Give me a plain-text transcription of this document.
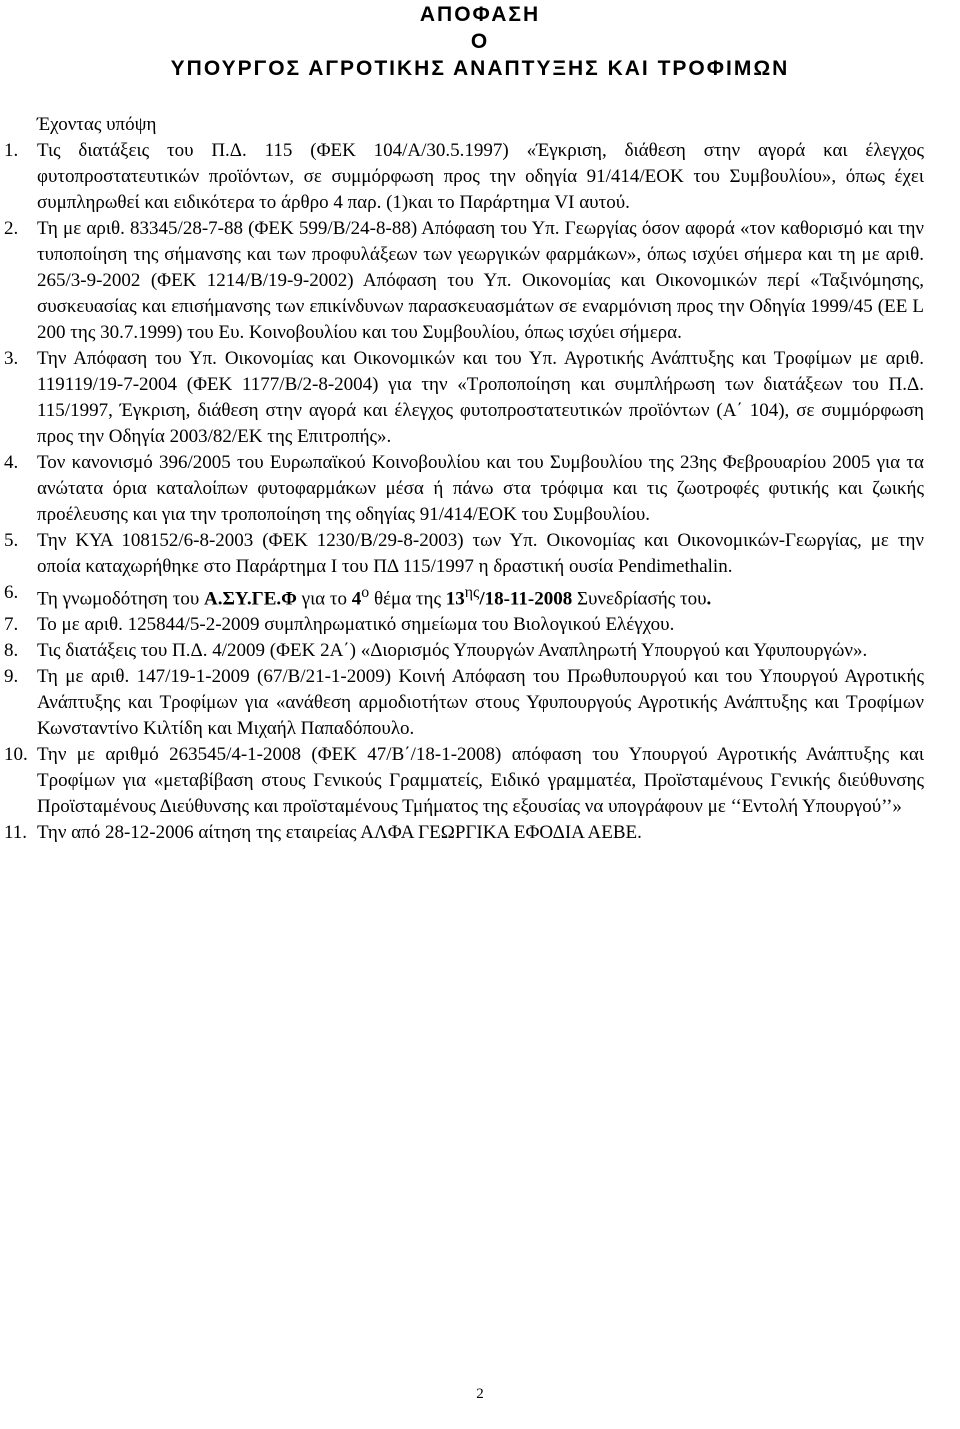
ΑΠΟΦΑΣΗ
Ο
ΥΠΟΥΡΓΟΣ ΑΓΡΟΤΙΚΗΣ ΑΝΑΠΤΥΞΗΣ ΚΑΙ ΤΡΟΦΙΜΩΝ
Έχοντας υπόψη
1. Τις διατάξεις του Π.Δ. 115 (ΦΕΚ 104/Α/30.5.1997) «Έγκριση, διάθεση στην αγορά και έλεγχος φυτοπροστατευτικών προϊόντων, σε συμμόρφωση προς την οδηγία 91/414/ΕΟΚ του Συμβουλίου», όπως έχει συμπληρωθεί και ειδικότερα το άρθρο 4 παρ. (1)και το Παράρτημα VI αυτού.
2. Τη με αριθ. 83345/28-7-88 (ΦΕΚ 599/Β/24-8-88) Απόφαση του Υπ. Γεωργίας όσον αφορά «τον καθορισμό και την τυποποίηση της σήμανσης και των προφυλάξεων των γεωργικών φαρμάκων», όπως ισχύει σήμερα και τη με αριθ. 265/3-9-2002 (ΦΕΚ 1214/Β/19-9-2002) Απόφαση του Υπ. Οικονομίας και Οικονομικών περί «Ταξινόμησης, συσκευασίας και επισήμανσης των επικίνδυνων παρασκευασμάτων σε εναρμόνιση προς την Οδηγία 1999/45 (ΕΕ L 200 της 30.7.1999) του Ευ. Κοινοβουλίου και του Συμβουλίου, όπως ισχύει σήμερα.
3. Την Απόφαση του Υπ. Οικονομίας και Οικονομικών και του Υπ. Αγροτικής Ανάπτυξης και Τροφίμων με αριθ. 119119/19-7-2004 (ΦΕΚ 1177/Β/2-8-2004) για την «Τροποποίηση και συμπλήρωση των διατάξεων του Π.Δ. 115/1997, Έγκριση, διάθεση στην αγορά και έλεγχος φυτοπροστατευτικών προϊόντων (Α΄ 104), σε συμμόρφωση προς την Οδηγία 2003/82/ΕΚ της Επιτροπής».
4. Τον κανονισμό 396/2005 του Ευρωπαϊκού Κοινοβουλίου και του Συμβουλίου της 23ης Φεβρουαρίου 2005 για τα ανώτατα όρια καταλοίπων φυτοφαρμάκων μέσα ή πάνω στα τρόφιμα και τις ζωοτροφές φυτικής και ζωικής προέλευσης και για την τροποποίηση της οδηγίας 91/414/ΕΟΚ του Συμβουλίου.
5. Την ΚΥΑ 108152/6-8-2003 (ΦΕΚ 1230/Β/29-8-2003) των Υπ. Οικονομίας και Οικονομικών-Γεωργίας, με την οποία καταχωρήθηκε στο Παράρτημα Ι του ΠΔ 115/1997 η δραστική ουσία Pendimethalin.
6. Τη γνωμοδότηση του Α.ΣΥ.ΓΕ.Φ για το $4^o$ θέμα της $13^{\eta\varsigma}/18-11-2008$ Συνεδρίασής του.
7. Το με αριθ. 125844/5-2-2009 συμπληρωματικό σημείωμα του Βιολογικού Ελέγχου.
8. Τις διατάξεις του Π.Δ. 4/2009 (ΦΕΚ 2Α΄) «Διορισμός Υπουργών Αναπληρωτή Υπουργού και Υφυπουργών».
9. Τη με αριθ. 147/19-1-2009 (67/Β/21-1-2009) Κοινή Απόφαση του Πρωθυπουργού και του Υπουργού Αγροτικής Ανάπτυξης και Τροφίμων για «ανάθεση αρμοδιοτήτων στους Υφυπουργούς Αγροτικής Ανάπτυξης και Τροφίμων Κωνσταντίνο Κιλτίδη και Μιχαήλ Παπαδόπουλο.
10. Την με αριθμό 263545/4-1-2008 (ΦΕΚ 47/Β΄/18-1-2008) απόφαση του Υπουργού Αγροτικής Ανάπτυξης και Τροφίμων για «μεταβίβαση στους Γενικούς Γραμματείς, Ειδικό γραμματέα, Προϊσταμένους Γενικής διεύθυνσης Προϊσταμένους Διεύθυνσης και προϊσταμένους Τμήματος της εξουσίας να υπογράφουν με ‘‘Εντολή Υπουργού’’»
11. Την από 28-12-2006 αίτηση της εταιρείας ΑΛΦΑ ΓΕΩΡΓΙΚΑ ΕΦΟΔΙΑ ΑΕΒΕ.
2
